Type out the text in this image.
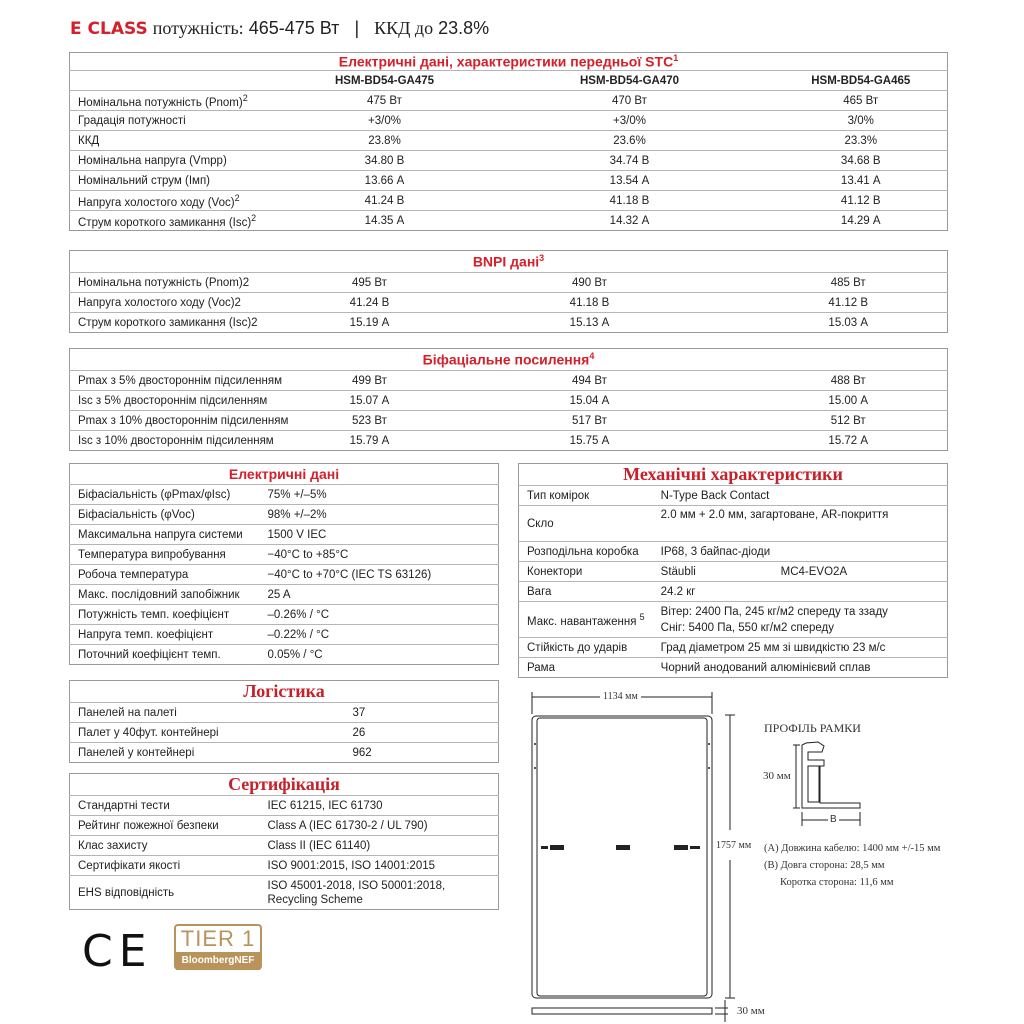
E CLASS потужність: 465-475 Вт | ККД до 23.8%
Електричні дані, характеристики передньої STC$^1$
	HSM-BD54-GA475	HSM-BD54-GA470	HSM-BD54-GA465
Номінальна потужність (Pnom)$^2$	475 Вт	470 Вт	465 Вт
Градація потужності	+3/0%	+3/0%	3/0%
ККД	23.8%	23.6%	23.3%
Номінальна напруга (Vmpp)	34.80 В	34.74 В	34.68 В
Номінальний струм (Імп)	13.66 А	13.54 А	13.41 А
Напруга холостого ходу (Voc)$^2$	41.24 В	41.18 В	41.12 В
Струм короткого замикання (Isc)$^2$	14.35 А	14.32 А	14.29 А
BNPI дані$^3$
Номінальна потужність (Pnom)2	495 Вт	490 Вт	485 Вт
Напруга холостого ходу (Voc)2	41.24 В	41.18 В	41.12 В
Струм короткого замикання (Isc)2	15.19 А	15.13 А	15.03 А
Біфаціальне посилення$^4$
Pmax з 5% двостороннім підсиленням	499 Вт	494 Вт	488 Вт
Isc з 5% двостороннім підсиленням	15.07 А	15.04 А	15.00 А
Pmax з 10% двостороннім підсиленням	523 Вт	517 Вт	512 Вт
Isc з 10% двостороннім підсиленням	15.79 А	15.75 А	15.72 А
Електричні дані	
Біфасіальність (φPmax/φIsc)	75% +/–5%
Біфасіальність (φVoc)	98% +/–2%
Максимальна напруга системи	1500 V IEC
Температура випробування	−40°C to +85°C
Робоча температура	−40°C to +70°C (IEC TS 63126)
Макс. послідовний запобіжник	25 A
Потужність темп. коефіцієнт	–0.26% / °C
Напруга темп. коефіцієнт	–0.22% / °C
Поточний коефіцієнт темп.	0.05% / °C
Механічні характеристики		
Тип комірок	N-Type Back Contact	
Скло	2.0 мм + 2.0 мм, загартоване, AR-покриття	
Розподільна коробка	IP68, 3 байпас-діоди	
Конектори	Stäubli	MC4-EVO2A
Вага	24.2 кг	
Макс. навантаження $^5$	Вітер: 2400 Па, 245 кг/м2 спереду та ззаду
Сніг: 5400 Па, 550 кг/м2 спереду	

Стійкість до ударів	Град діаметром 25 мм зі швидкістю 23 м/с	
Рама	Чорний анодований алюмінієвий сплав	
Логістика	
Панелей на палеті	37
Палет у 40фут. контейнері	26
Панелей у контейнері	962
Сертифікація	
Стандартні тести	IEC 61215, IEC 61730
Рейтинг пожежної безпеки	Class A (IEC 61730-2 / UL 790)
Клас захисту	Class II (IEC 61140)
Сертифікати якості	ISO 9001:2015, ISO 14001:2015
EHS відповідність	ISO 45001-2018, ISO 50001:2018,
Recycling Scheme
CE TIER 1
BloombergNEF
1134 мм
1757 мм
30 мм
ПРОФІЛЬ РАМКИ
30 мм
B
(A) Довжина кабелю: 1400 мм +/-15 мм
(B) Довга сторона: 28,5 мм
Коротка сторона: 11,6 мм
